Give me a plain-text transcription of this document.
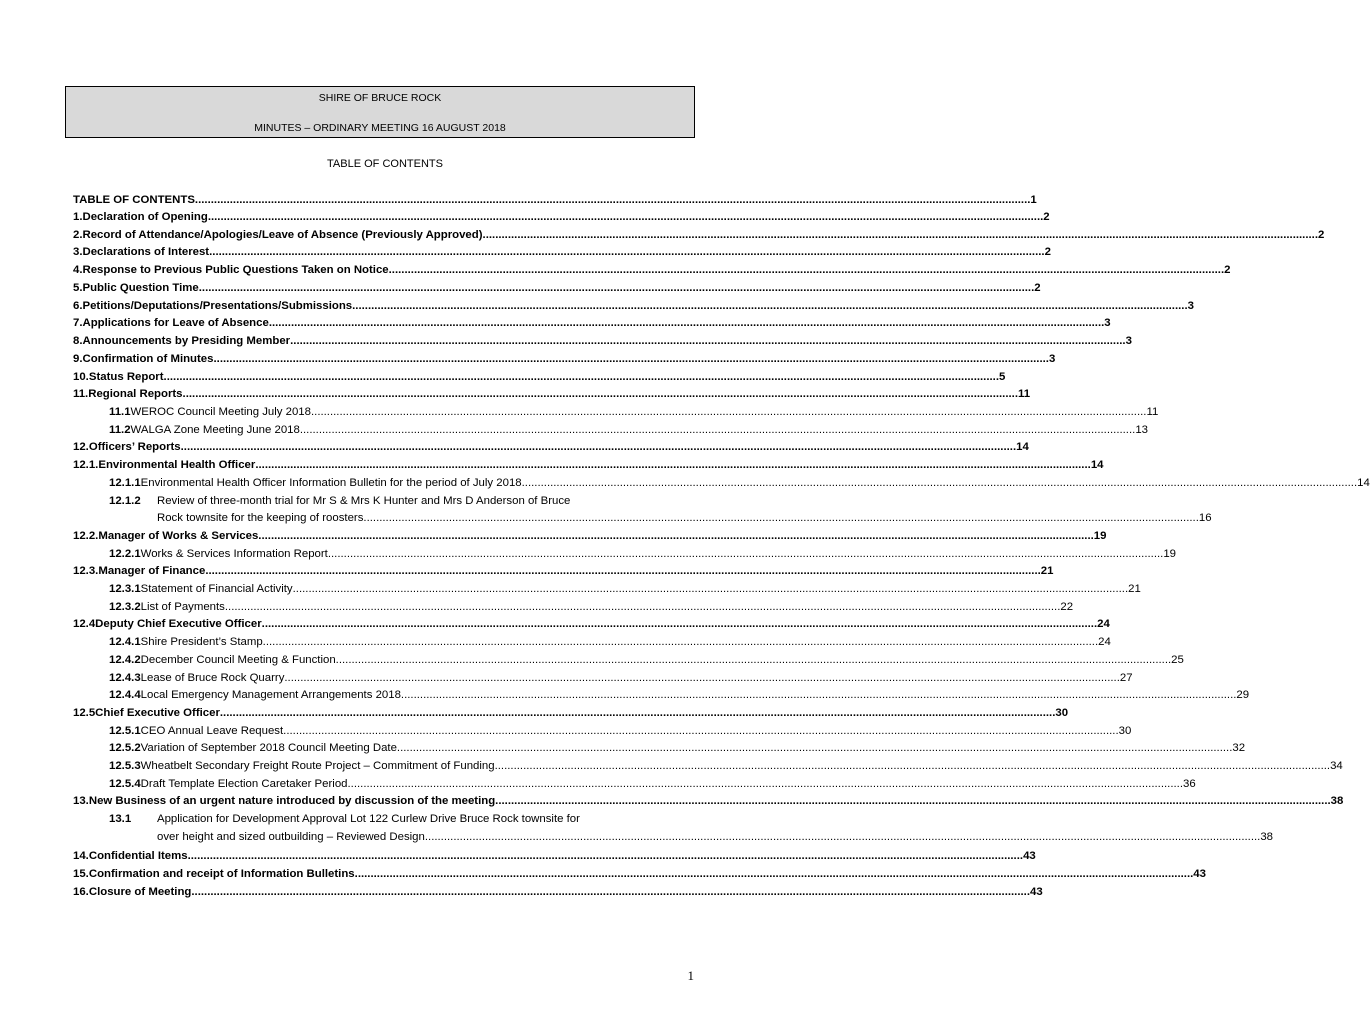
SHIRE OF BRUCE ROCK
MINUTES – ORDINARY MEETING 16 AUGUST 2018
TABLE OF CONTENTS
TABLE OF CONTENTS .....	1
1. Declaration of Opening .....	2
2. Record of Attendance/Apologies/Leave of Absence (Previously Approved) .....	2
3. Declarations of Interest .....	2
4. Response to Previous Public Questions Taken on Notice .....	2
5. Public Question Time .....	2
6. Petitions/Deputations/Presentations/Submissions .....	3
7. Applications for Leave of Absence .....	3
8. Announcements by Presiding Member .....	3
9. Confirmation of Minutes .....	3
10. Status Report .....	5
11. Regional Reports .....	11
11.1 WEROC Council Meeting July 2018 .....	11
11.2 WALGA Zone Meeting June 2018 .....	13
12. Officers’ Reports .....	14
12.1. Environmental Health Officer .....	14
12.1.1 Environmental Health Officer Information Bulletin for the period of July 2018 .....	14
12.1.2	Review of three-month trial for Mr S & Mrs K Hunter and Mrs D Anderson of Bruce
Rock townsite for the keeping of roosters .....	16
12.2. Manager of Works & Services .....	19
12.2.1 Works & Services Information Report .....	19
12.3. Manager of Finance .....	21
12.3.1 Statement of Financial Activity .....	21
12.3.2 List of Payments .....	22
12.4 Deputy Chief Executive Officer .....	24
12.4.1 Shire President’s Stamp .....	24
12.4.2 December Council Meeting & Function .....	25
12.4.3 Lease of Bruce Rock Quarry .....	27
12.4.4 Local Emergency Management Arrangements 2018 .....	29
12.5 Chief Executive Officer .....	30
12.5.1 CEO Annual Leave Request .....	30
12.5.2 Variation of September 2018 Council Meeting Date .....	32
12.5.3 Wheatbelt Secondary Freight Route Project – Commitment of Funding .....	34
12.5.4 Draft Template Election Caretaker Period .....	36
13. New Business of an urgent nature introduced by discussion of the meeting .....	38
13.1	Application for Development Approval Lot 122 Curlew Drive Bruce Rock townsite for
over height and sized outbuilding – Reviewed Design .....	38
14. Confidential Items .....	43
15. Confirmation and receipt of Information Bulletins. .....	43
16. Closure of Meeting. .....	43
1
